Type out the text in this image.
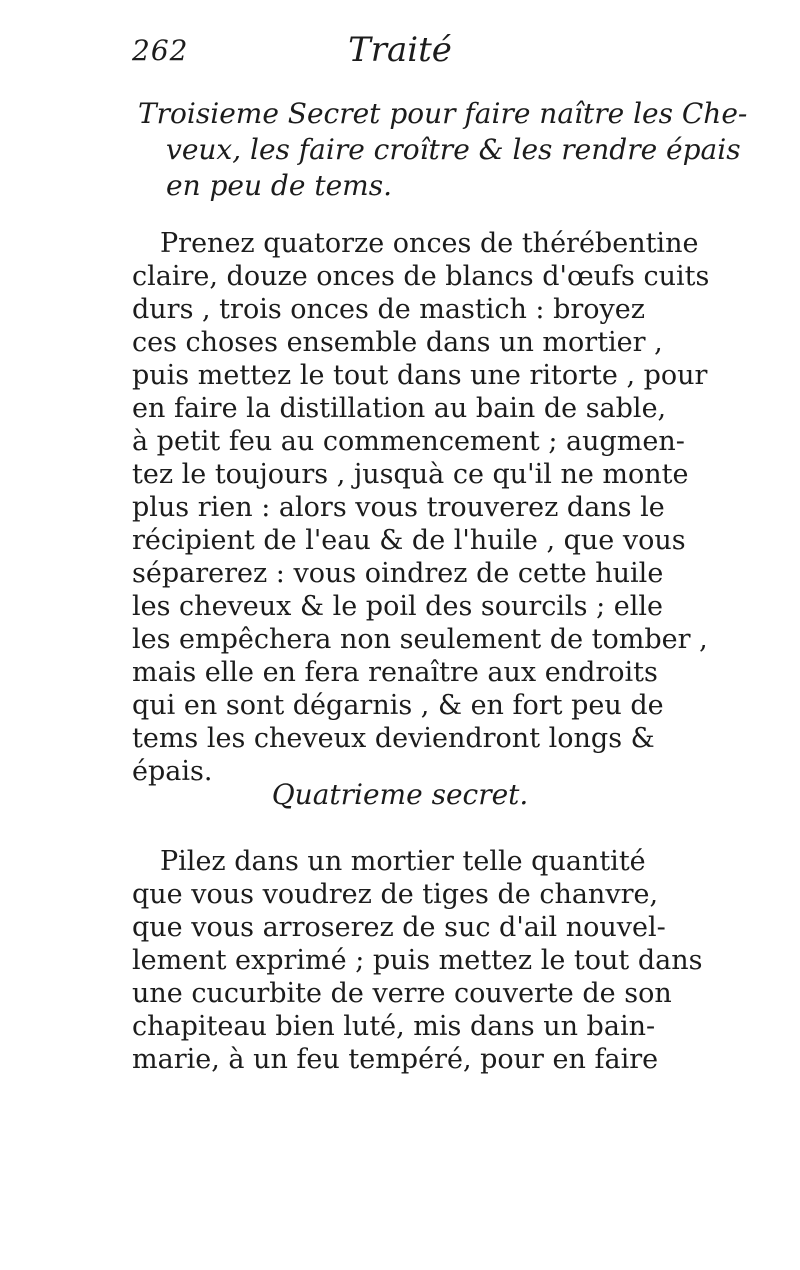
262	Traité
Troisieme Secret pour faire naître les Che-
veux, les faire croître & les rendre épais
en peu de tems.
Prenez quatorze onces de thérébentine
claire, douze onces de blancs d'œufs cuits
durs , trois onces de mastich : broyez
ces choses ensemble dans un mortier ,
puis mettez le tout dans une ritorte , pour
en faire la distillation au bain de sable,
à petit feu au commencement ; augmen-
tez le toujours , jusquà ce qu'il ne monte
plus rien : alors vous trouverez dans le
récipient de l'eau & de l'huile , que vous
séparerez : vous oindrez de cette huile
les cheveux & le poil des sourcils ; elle
les empêchera non seulement de tomber ,
mais elle en fera renaître aux endroits
qui en sont dégarnis , & en fort peu de
tems les cheveux deviendront longs &
épais.
Quatrieme secret.
Pilez dans un mortier telle quantité
que vous voudrez de tiges de chanvre,
que vous arroserez de suc d'ail nouvel-
lement exprimé ; puis mettez le tout dans
une cucurbite de verre couverte de son
chapiteau bien luté, mis dans un bain-
marie, à un feu tempéré, pour en faire
